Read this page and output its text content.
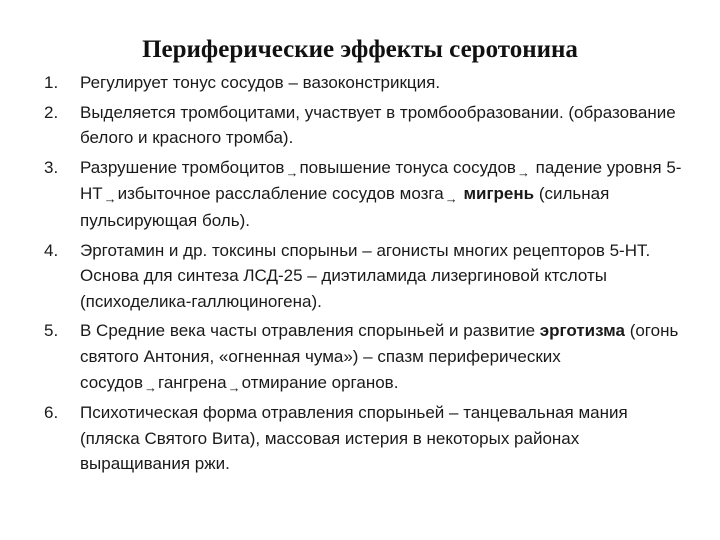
Периферические эффекты серотонина
1. Регулирует тонус сосудов – вазоконстрикция.
2. Выделяется тромбоцитами, участвует в тромбообразовании. (образование белого и красного тромба).
3. Разрушение тромбоцитов$_\to$повышение тонуса сосудов$_\to$ падение уровня $5-НТ_\to избыточное$ расслабление сосудов мозга$_\to$ мигрень (сильная пульсирующая боль).
4. Эрготамин и др. токсины спорыньи – агонисты многих рецепторов 5-НТ. Основа для синтеза ЛСД-25 – диэтиламида лизергиновой ктслоты (психоделика-галлюциногена).
5. В Средние века часты отравления спорыньей и развитие эрготизма (огонь святого Антония, «огненная чума») – спазм периферических сосудов$_\to$гангрена$_\to$отмирание органов.
6. Психотическая форма отравления спорыньей – танцевальная мания (пляска Святого Вита), массовая истерия в некоторых районах выращивания ржи.
